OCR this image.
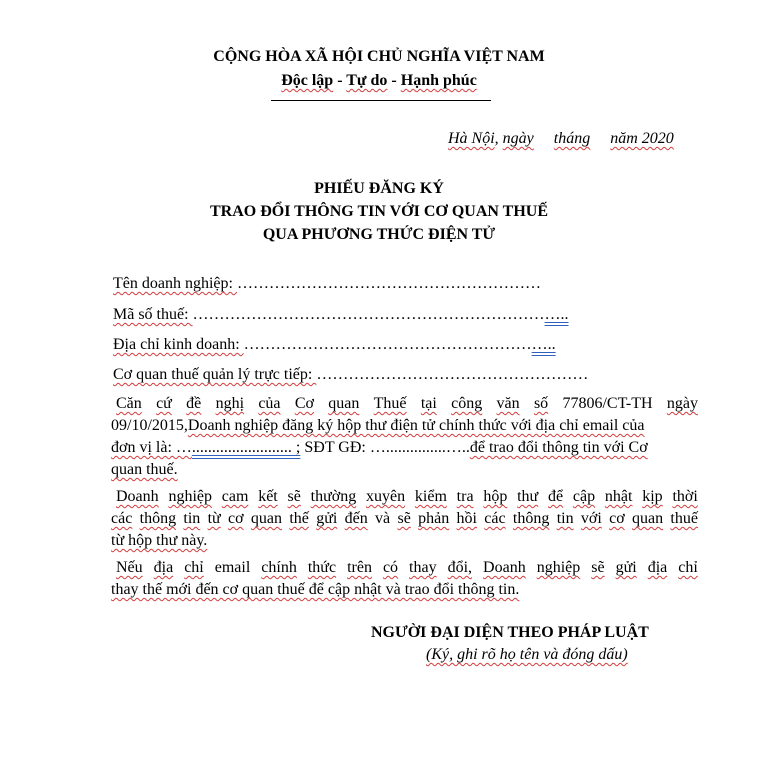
CỘNG HÒA XÃ HỘI CHỦ NGHĨA VIỆT NAM
Độc lập - Tự do - Hạnh phúc
Hà Nội, ngày tháng năm 2020
PHIẾU ĐĂNG KÝ
TRAO ĐỔI THÔNG TIN VỚI CƠ QUAN THUẾ
QUA PHƯƠNG THỨC ĐIỆN TỬ
Tên doanh nghiệp: …………………………………………………
Mã số thuế: ……………………………………………………………..
Địa chỉ kinh doanh: …………………………………………………..
Cơ quan thuế quản lý trực tiếp: ……………………………………………
Căn cứ đề nghị của Cơ quan Thuế tại công văn số 77806/CT-TH ngày
09/10/2015, Doanh nghiệp đăng ký hộp thư điện tử chính thức với địa chỉ email của
đơn vị là: … ......................... ; SĐT GĐ: …...............….. để trao đổi thông tin với Cơ
quan thuế.
Doanh nghiệp cam kết sẽ thường xuyên kiểm tra hộp thư để cập nhật kịp thời
các thông tin từ cơ quan thế gửi đến và sẽ phản hồi các thông tin với cơ quan thuế
từ hộp thư này.
Nếu địa chỉ email chính thức trên có thay đổi, Doanh nghiệp sẽ gửi địa chỉ
thay thế mới đến cơ quan thuế để cập nhật và trao đổi thông tin.
NGƯỜI ĐẠI DIỆN THEO PHÁP LUẬT
(Ký, ghi rõ họ tên và đóng dấu)
